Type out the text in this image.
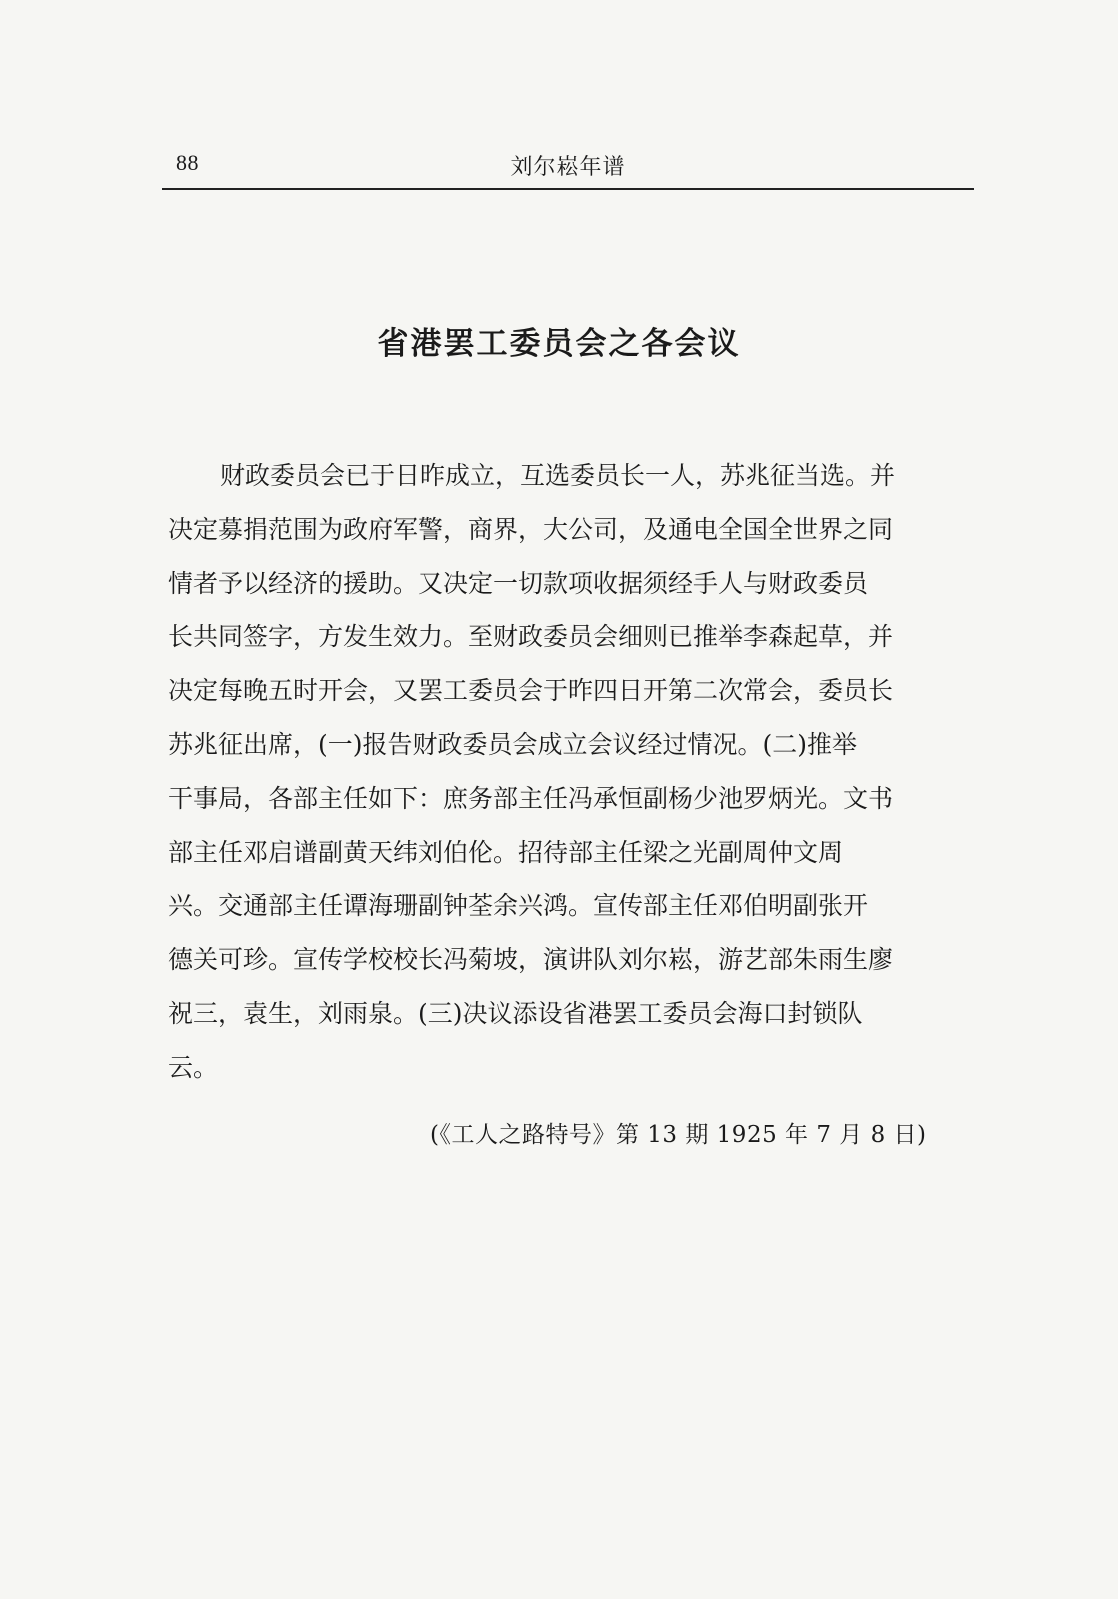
88	刘尔崧年谱
省港罢工委员会之各会议
财政委员会已于日昨成立，互选委员长一人，苏兆征当选。并
决定募捐范围为政府军警，商界，大公司，及通电全国全世界之同
情者予以经济的援助。又决定一切款项收据须经手人与财政委员
长共同签字，方发生效力。至财政委员会细则已推举李森起草，并
决定每晚五时开会，又罢工委员会于昨四日开第二次常会，委员长
苏兆征出席，(一)报告财政委员会成立会议经过情况。(二)推举
干事局，各部主任如下：庶务部主任冯承恒副杨少池罗炳光。文书
部主任邓启谱副黄天纬刘伯伦。招待部主任梁之光副周仲文周
兴。交通部主任谭海珊副钟荃余兴鸿。宣传部主任邓伯明副张开
德关可珍。宣传学校校长冯菊坡，演讲队刘尔崧，游艺部朱雨生廖
祝三，袁生，刘雨泉。(三)决议添设省港罢工委员会海口封锁队
云。
(《工人之路特号》第 13 期 1925 年 7 月 8 日)
